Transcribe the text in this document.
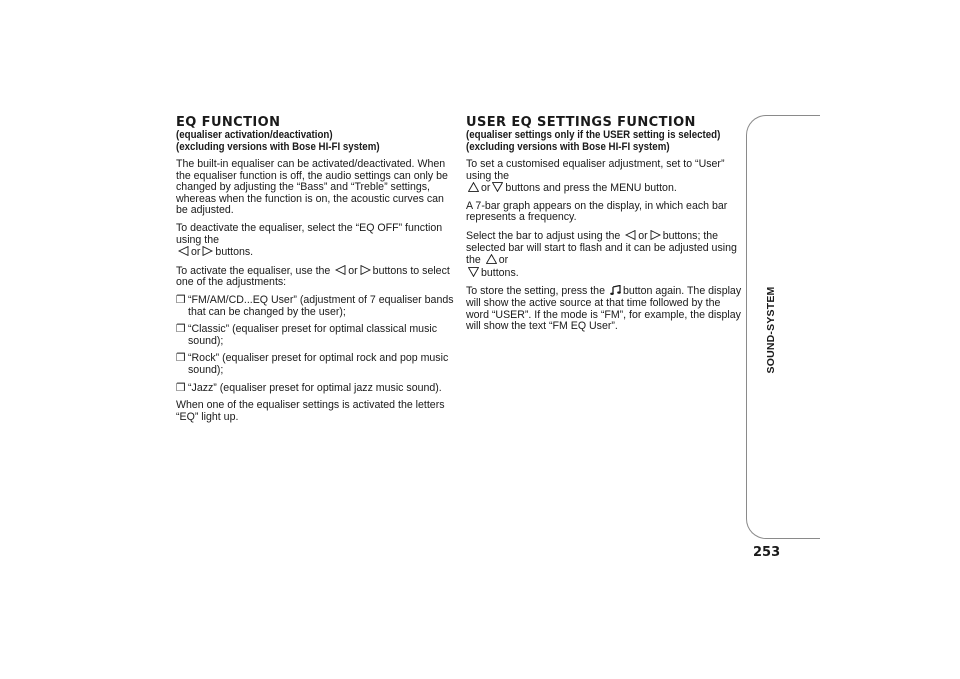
EQ FUNCTION
(equaliser activation/deactivation)
(excluding versions with Bose HI-FI system)
The built-in equaliser can be activated/deactivated. When the equaliser function is off, the audio settings can only be changed by adjusting the “Bass” and “Treble” settings, whereas when the function is on, the acoustic curves can be adjusted.
To deactivate the equaliser, select the “EQ OFF” function using the

or buttons.
To activate the equaliser, use the or buttons to select one of the adjustments:
❒ “FM/AM/CD...EQ User” (adjustment of 7 equaliser bands that can be changed by the user);
❒ “Classic” (equaliser preset for optimal classical music sound);
❒ “Rock” (equaliser preset for optimal rock and pop music sound);
❒ “Jazz” (equaliser preset for optimal jazz music sound).
When one of the equaliser settings is activated the letters “EQ” light up.
USER EQ SETTINGS FUNCTION
(equaliser settings only if the USER setting is selected)
(excluding versions with Bose HI-FI system)
To set a customised equaliser adjustment, set to “User” using the

or buttons and press the MENU button.
A 7-bar graph appears on the display, in which each bar represents a frequency.
Select the bar to adjust using the or buttons; the selected bar will start to flash and it can be adjusted using the or

buttons.
To store the setting, press the button again. The display will show the active source at that time followed by the word “USER”. If the mode is “FM”, for example, the display will show the text “FM EQ User”.	SOUND-SYSTEM
253
